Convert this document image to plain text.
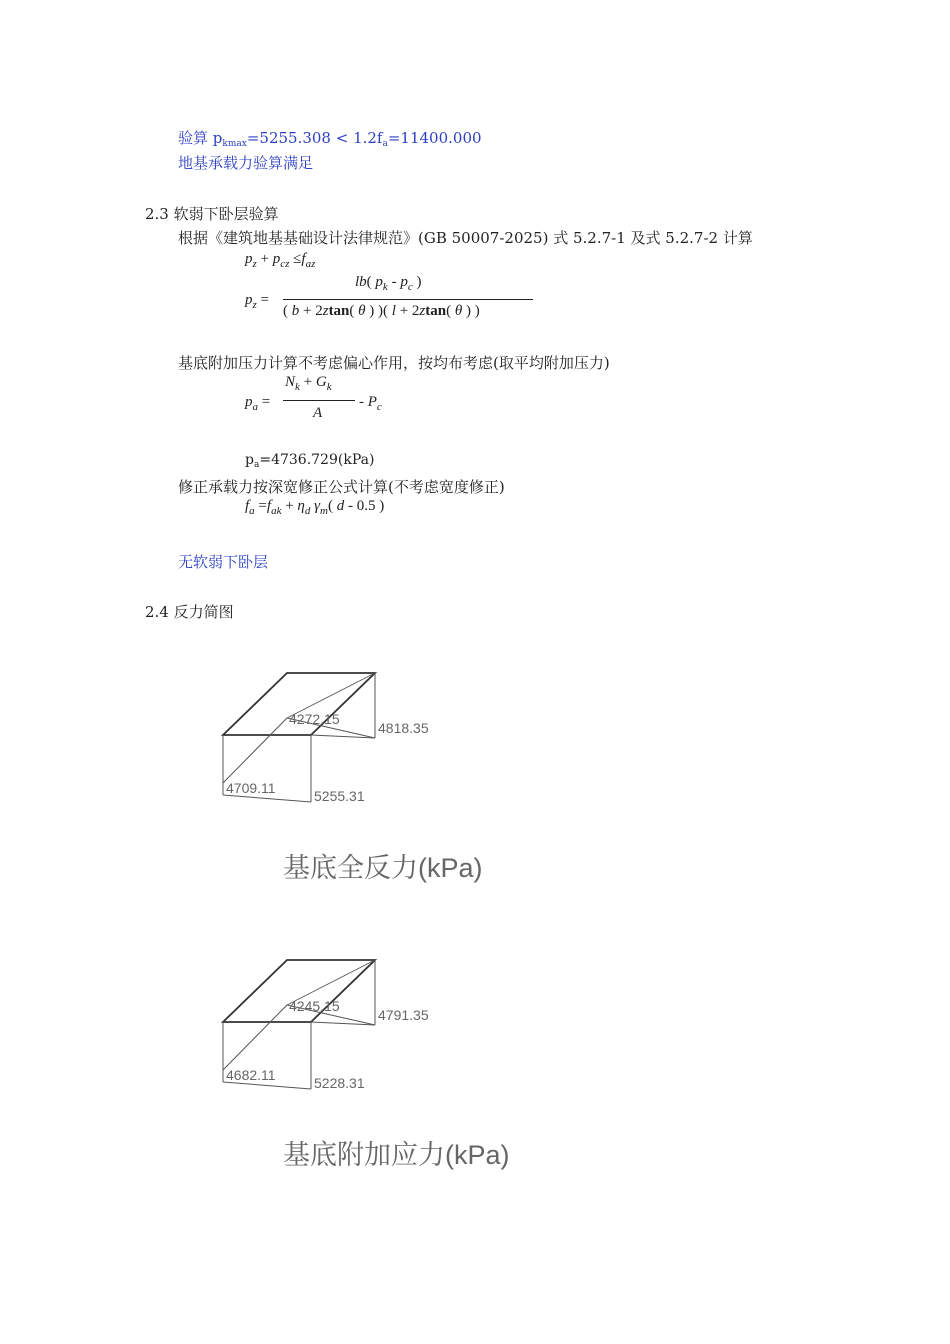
验算 $p_{kmax}=5255.308 < 1.2f_a=11400.000$
地基承载力验算满足
2.3 软弱下卧层验算
根据《建筑地基基础设计法律规范》(GB 50007-2025) 式 5.2.7-1 及式 5.2.7-2 计算
$p_z + p_{cz} \le f_{az}$
$p_z$ =
lb( $p_k - p_c$ )
( b + 2ztan( θ ) )( l + 2ztan( θ ) )
基底附加压力计算不考虑偏心作用，按均布考虑(取平均附加压力)
$p_a$ =
$N_k + G_k$
A
- $P_c$
$p_a=4736.729(kPa)$
修正承载力按深宽修正公式计算(不考虑宽度修正)
$f_a =f_{ak} + \eta_d$ $\gamma_m$( d - 0.5 )
无软弱下卧层
2.4 反力简图
4272.15
4818.35
4709.11	5255.31
基底全反力(kPa)
4245.15
4791.35
4682.11	5228.31
基底附加应力(kPa)
